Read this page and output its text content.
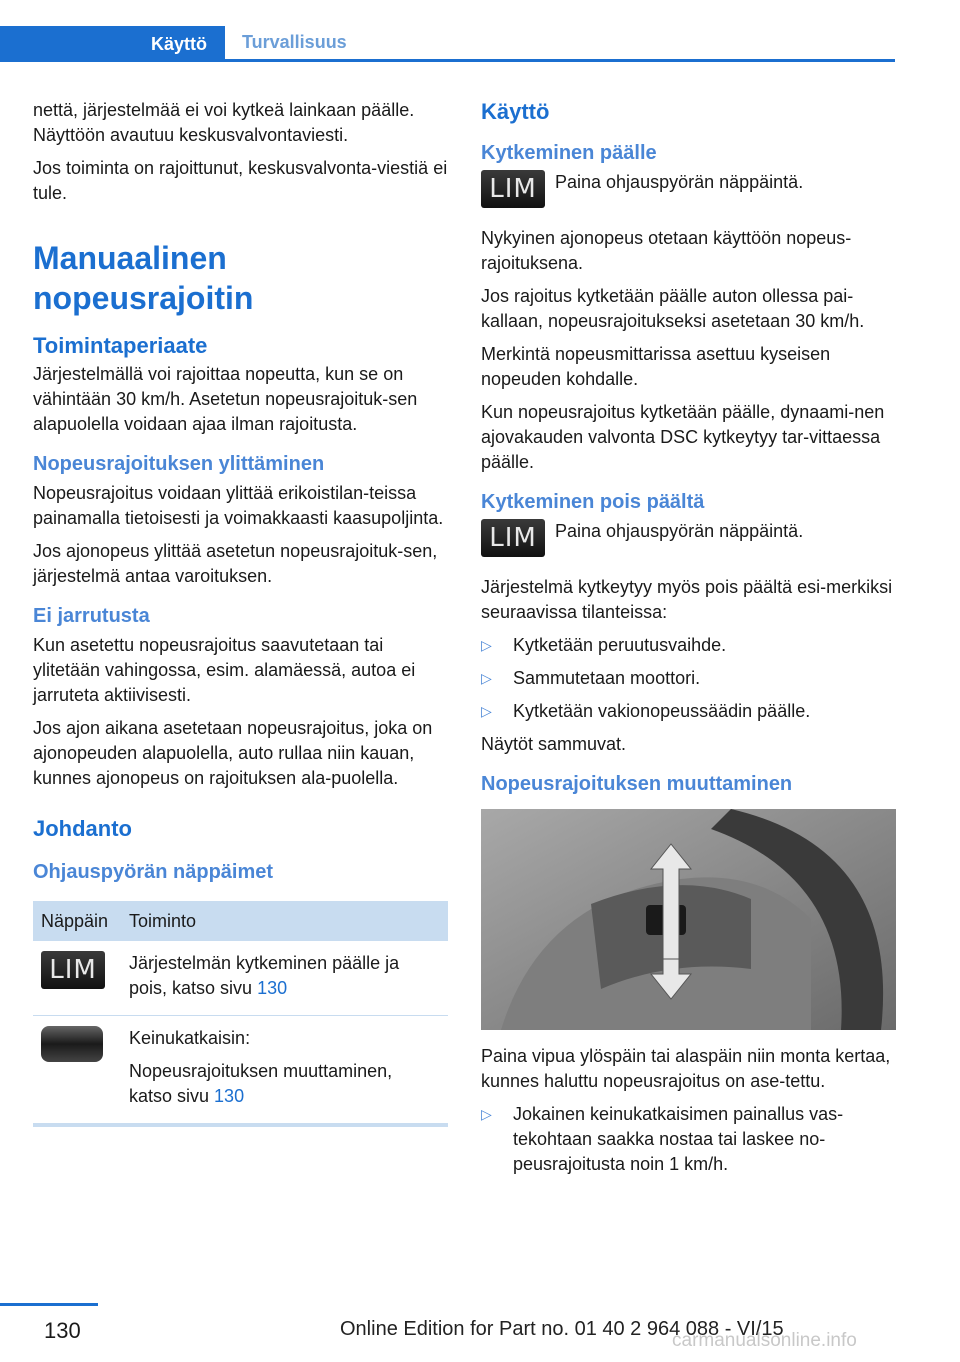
Käyttö	Turvallisuus

nettä, järjestelmää ei voi kytkeä lainkaan päälle. Näyttöön avautuu keskusvalvontaviesti.

Jos toiminta on rajoittunut, keskusvalvonta-viestiä ei tule.

Manuaalinen nopeusrajoitin
Toimintaperiaate

Järjestelmällä voi rajoittaa nopeutta, kun se on vähintään 30 km/h. Asetetun nopeusrajoituk-sen alapuolella voidaan ajaa ilman rajoitusta.

Nopeusrajoituksen ylittäminen

Nopeusrajoitus voidaan ylittää erikoistilan-teissa painamalla tietoisesti ja voimakkaasti kaasupoljinta.

Jos ajonopeus ylittää asetetun nopeusrajoituk-sen, järjestelmä antaa varoituksen.

Ei jarrutusta

Kun asetettu nopeusrajoitus saavutetaan tai ylitetään vahingossa, esim. alamäessä, autoa ei jarruteta aktiivisesti.

Jos ajon aikana asetetaan nopeusrajoitus, joka on ajonopeuden alapuolella, auto rullaa niin kauan, kunnes ajonopeus on rajoituksen ala-puolella.

Johdanto
Ohjauspyörän näppäimet
Näppäin	Toiminto
LIM	Järjestelmän kytkeminen päälle ja pois, katso sivu 130

	Keinukatkaisin:

Nopeusrajoituksen muuttaminen, katso sivu 130
Käyttö
Kytkeminen päälle
LIM	Paina ohjauspyörän näppäintä.

Nykyinen ajonopeus otetaan käyttöön nopeus-rajoituksena.

Jos rajoitus kytketään päälle auton ollessa pai-kallaan, nopeusrajoitukseksi asetetaan 30 km/h.

Merkintä nopeusmittarissa asettuu kyseisen nopeuden kohdalle.

Kun nopeusrajoitus kytketään päälle, dynaami-nen ajovakauden valvonta DSC kytkeytyy tar-vittaessa päälle.

Kytkeminen pois päältä
LIM	Paina ohjauspyörän näppäintä.

Järjestelmä kytkeytyy myös pois päältä esi-merkiksi seuraavissa tilanteissa:

▷	Kytketään peruutusvaihde.
▷	Sammutetaan moottori.
▷	Kytketään vakionopeussäädin päälle.

Näytöt sammuvat.

Nopeusrajoituksen muuttaminen

Paina vipua ylöspäin tai alaspäin niin monta kertaa, kunnes haluttu nopeusrajoitus on ase-tettu.

▷	Jokainen keinukatkaisimen painallus vas-tekohtaan saakka nostaa tai laskee no-peusrajoitusta noin 1 km/h.
130	Online Edition for Part no. 01 40 2 964 088 - VI/15
carmanualsonline.info
